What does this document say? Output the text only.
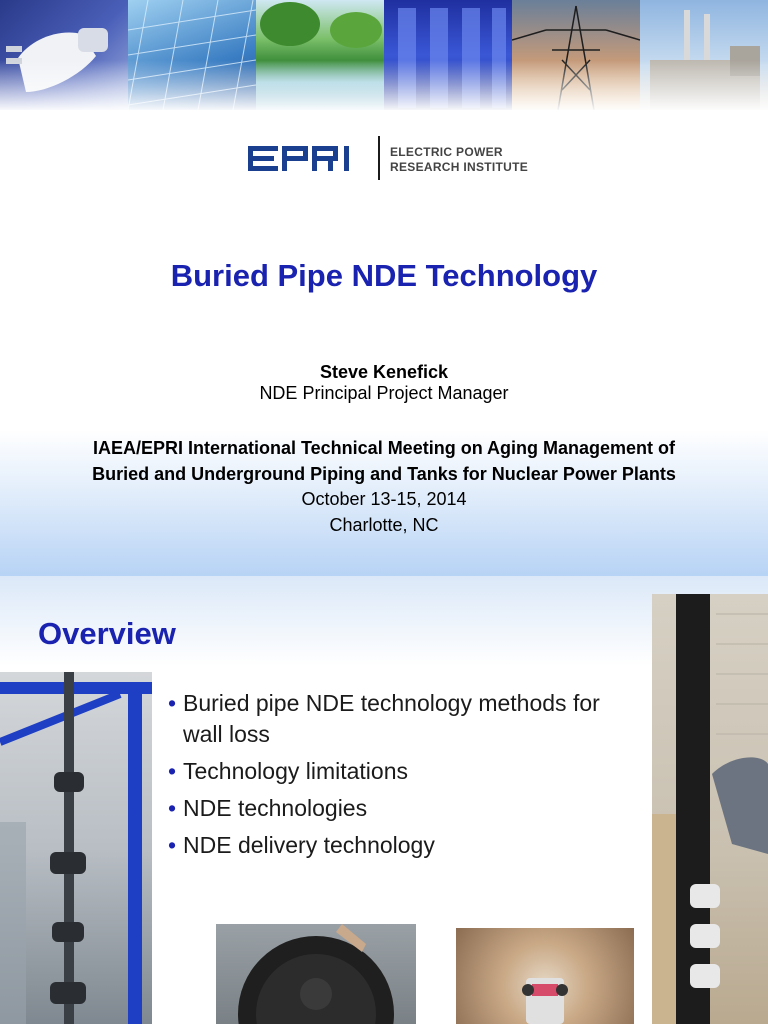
ELECTRIC POWER
RESEARCH INSTITUTE
Buried Pipe NDE Technology
Steve Kenefick
NDE Principal Project Manager
IAEA/EPRI International Technical Meeting on Aging Management of
Buried and Underground Piping and Tanks for Nuclear Power Plants
October 13-15, 2014
Charlotte, NC
Overview
• Buried pipe NDE technology methods for wall loss
• Technology limitations
• NDE technologies
• NDE delivery technology
